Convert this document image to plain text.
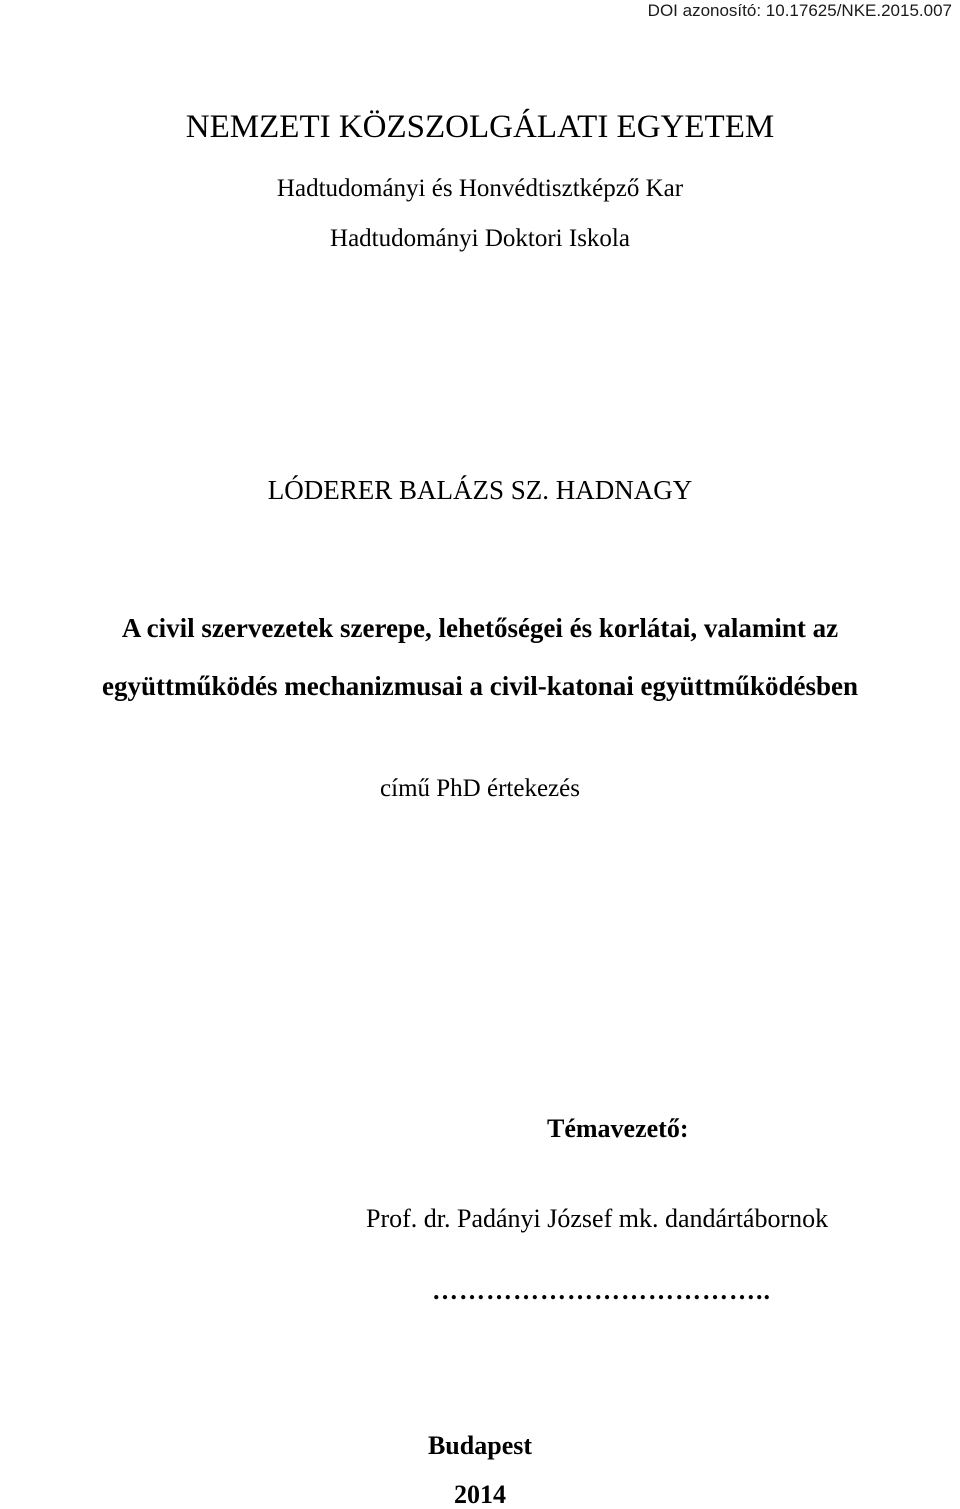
DOI azonosító: 10.17625/NKE.2015.007
NEMZETI KÖZSZOLGÁLATI EGYETEM
Hadtudományi és Honvédtisztképző Kar
Hadtudományi Doktori Iskola
LÓDERER BALÁZS SZ. HADNAGY
A civil szervezetek szerepe, lehetőségei és korlátai, valamint az
együttműködés mechanizmusai a civil-katonai együttműködésben
című PhD értekezés
Témavezető:
Prof. dr. Padányi József mk. dandártábornok
………………………………..
Budapest
2014
